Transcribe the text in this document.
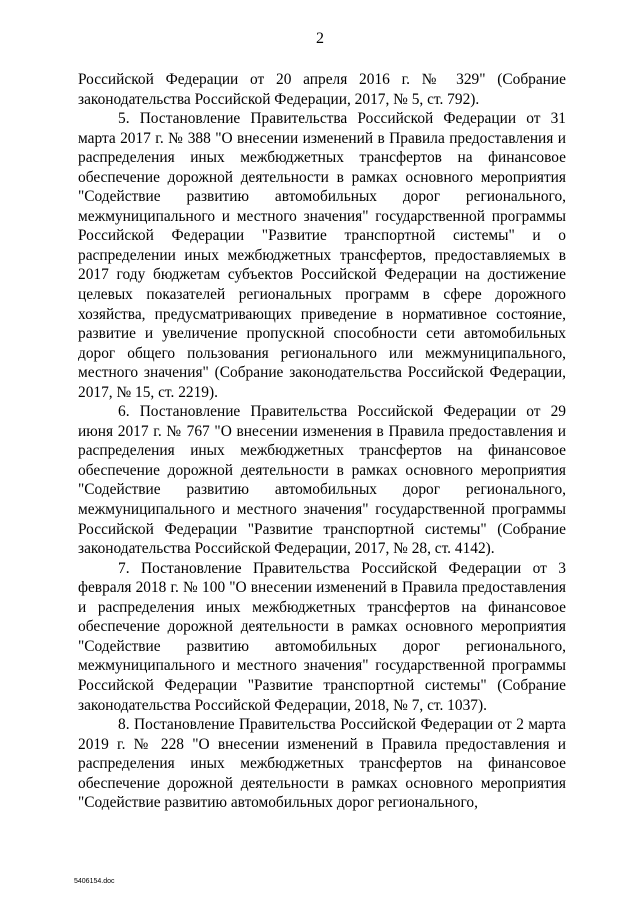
2

Российской Федерации от 20 апреля 2016 г. № 329" (Собрание законодательства Российской Федерации, 2017, № 5, ст. 792).

5. Постановление Правительства Российской Федерации от 31 марта 2017 г. № 388 "О внесении изменений в Правила предоставления и распределения иных межбюджетных трансфертов на финансовое обеспечение дорожной деятельности в рамках основного мероприятия "Содействие развитию автомобильных дорог регионального, межмуниципального и местного значения" государственной программы Российской Федерации "Развитие транспортной системы" и о распределении иных межбюджетных трансфертов, предоставляемых в 2017 году бюджетам субъектов Российской Федерации на достижение целевых показателей региональных программ в сфере дорожного хозяйства, предусматривающих приведение в нормативное состояние, развитие и увеличение пропускной способности сети автомобильных дорог общего пользования регионального или межмуниципального, местного значения" (Собрание законодательства Российской Федерации, 2017, № 15, ст. 2219).

6. Постановление Правительства Российской Федерации от 29 июня 2017 г. № 767 "О внесении изменения в Правила предоставления и распределения иных межбюджетных трансфертов на финансовое обеспечение дорожной деятельности в рамках основного мероприятия "Содействие развитию автомобильных дорог регионального, межмуниципального и местного значения" государственной программы Российской Федерации "Развитие транспортной системы" (Собрание законодательства Российской Федерации, 2017, № 28, ст. 4142).

7. Постановление Правительства Российской Федерации от 3 февраля 2018 г. № 100 "О внесении изменений в Правила предоставления и распределения иных межбюджетных трансфертов на финансовое обеспечение дорожной деятельности в рамках основного мероприятия "Содействие развитию автомобильных дорог регионального, межмуниципального и местного значения" государственной программы Российской Федерации "Развитие транспортной системы" (Собрание законодательства Российской Федерации, 2018, № 7, ст. 1037).

8. Постановление Правительства Российской Федерации от 2 марта 2019 г. № 228 "О внесении изменений в Правила предоставления и распределения иных межбюджетных трансфертов на финансовое обеспечение дорожной деятельности в рамках основного мероприятия "Содействие развитию автомобильных дорог регионального,

5406154.doc
